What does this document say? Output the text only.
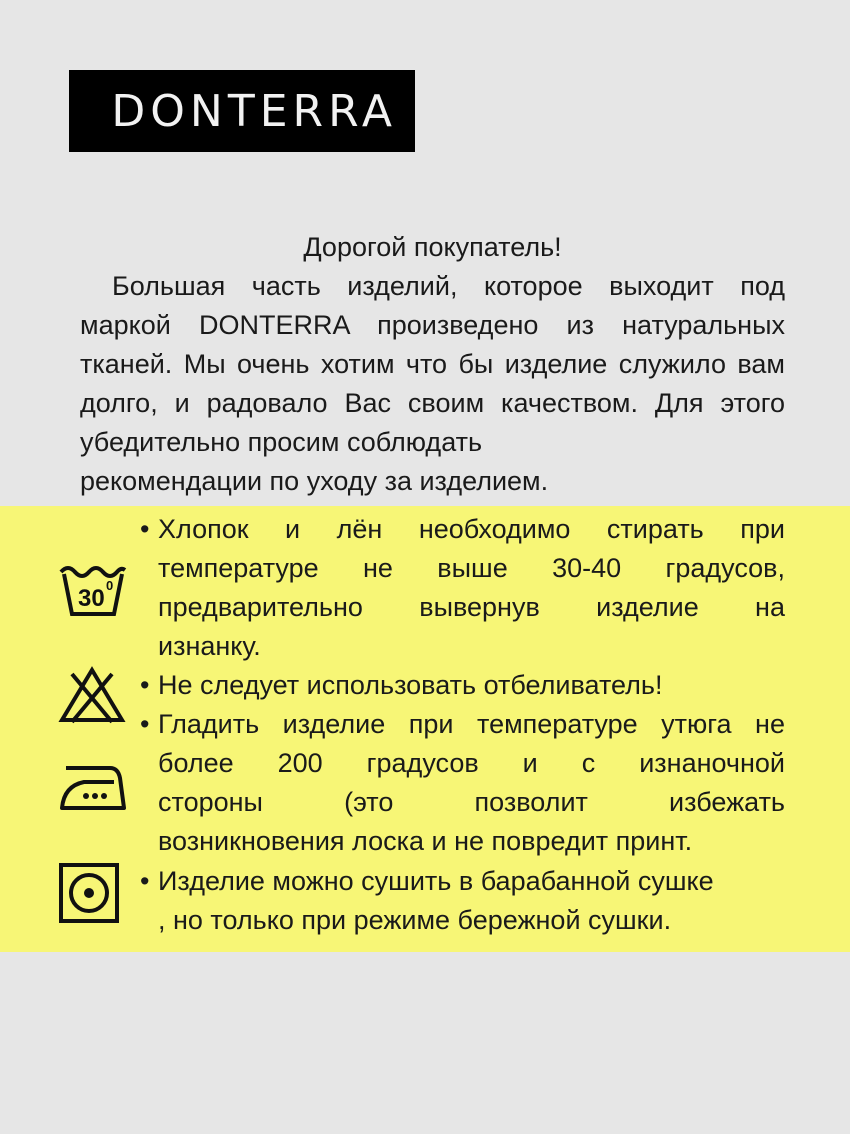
DONTERRA
Дорогой покупатель!
Большая часть изделий, которое выходит под маркой DONTERRA произведено из натуральных тканей. Мы очень хотим что бы изделие служило вам долго, и радовало Вас своим качеством. Для этого убедительно просим соблюдать
рекомендации по уходу за изделием.
30 0
• Хлопок и лён необходимо стирать при
температуре не выше 30-40 градусов,
предварительно вывернув изделие на
изнанку.
• Не следует использовать отбеливатель!
• Гладить изделие при температуре утюга не
более 200 градусов и с изнаночной
стороны (это позволит избежать
возникновения лоска и не повредит принт.
• Изделие можно сушить в барабанной сушке
, но только при режиме бережной сушки.
